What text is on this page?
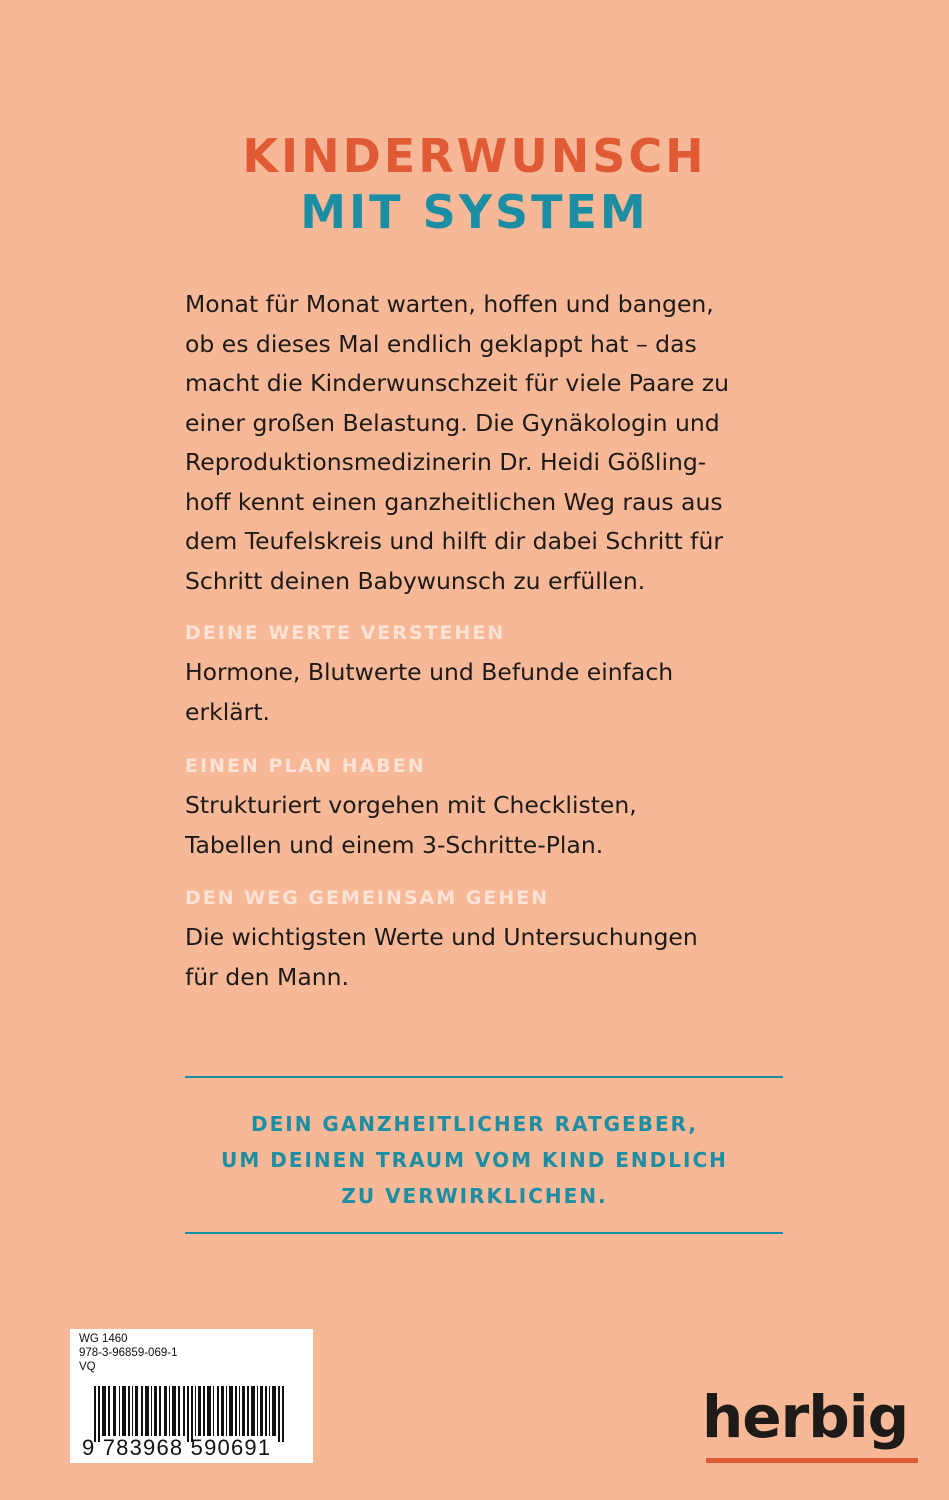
KINDERWUNSCH
MIT SYSTEM
Monat für Monat warten, hoffen und bangen,
ob es dieses Mal endlich geklappt hat – das
macht die Kinderwunschzeit für viele Paare zu
einer großen Belastung. Die Gynäkologin und
Reproduktionsmedizinerin Dr. Heidi Gößling-
hoff kennt einen ganzheitlichen Weg raus aus
dem Teufelskreis und hilft dir dabei Schritt für
Schritt deinen Babywunsch zu erfüllen.
DEINE WERTE VERSTEHEN
Hormone, Blutwerte und Befunde einfach
erklärt.
EINEN PLAN HABEN
Strukturiert vorgehen mit Checklisten,
Tabellen und einem 3-Schritte-Plan.
DEN WEG GEMEINSAM GEHEN
Die wichtigsten Werte und Untersuchungen
für den Mann.
DEIN GANZHEITLICHER RATGEBER,
UM DEINEN TRAUM VOM KIND ENDLICH
ZU VERWIRKLICHEN.
WG 1460
978-3-96859-069-1
VQ
9 783968 590691	herbig
